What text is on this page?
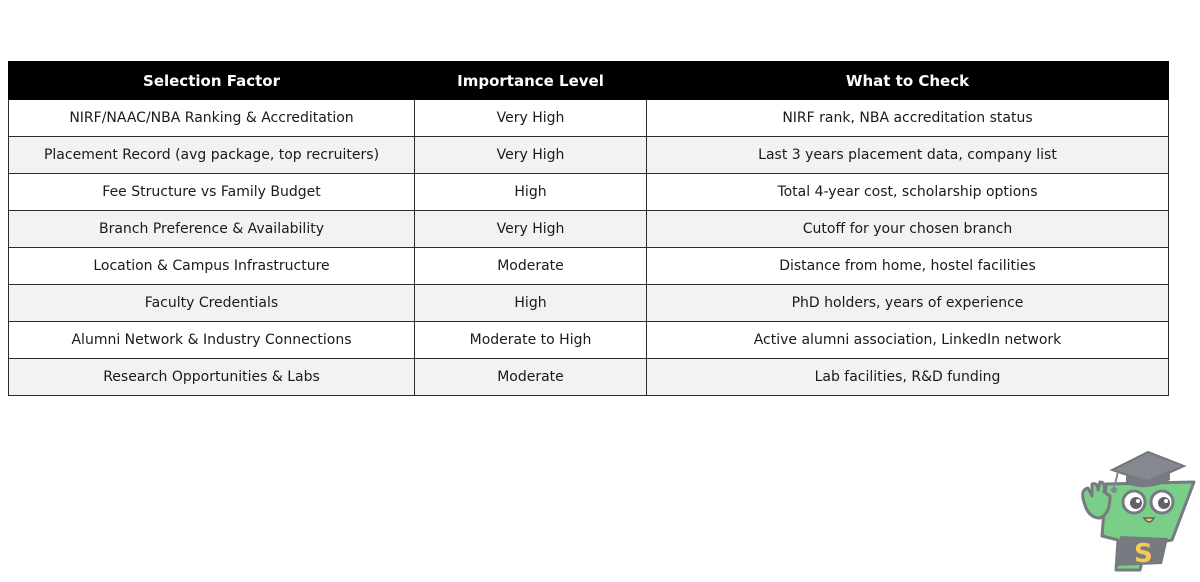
Selection Factor	Importance Level	What to Check
NIRF/NAAC/NBA Ranking & Accreditation	Very High	NIRF rank, NBA accreditation status
Placement Record (avg package, top recruiters)	Very High	Last 3 years placement data, company list
Fee Structure vs Family Budget	High	Total 4-year cost, scholarship options
Branch Preference & Availability	Very High	Cutoff for your chosen branch
Location & Campus Infrastructure	Moderate	Distance from home, hostel facilities
Faculty Credentials	High	PhD holders, years of experience
Alumni Network & Industry Connections	Moderate to High	Active alumni association, LinkedIn network
Research Opportunities & Labs	Moderate	Lab facilities, R&D funding
S
